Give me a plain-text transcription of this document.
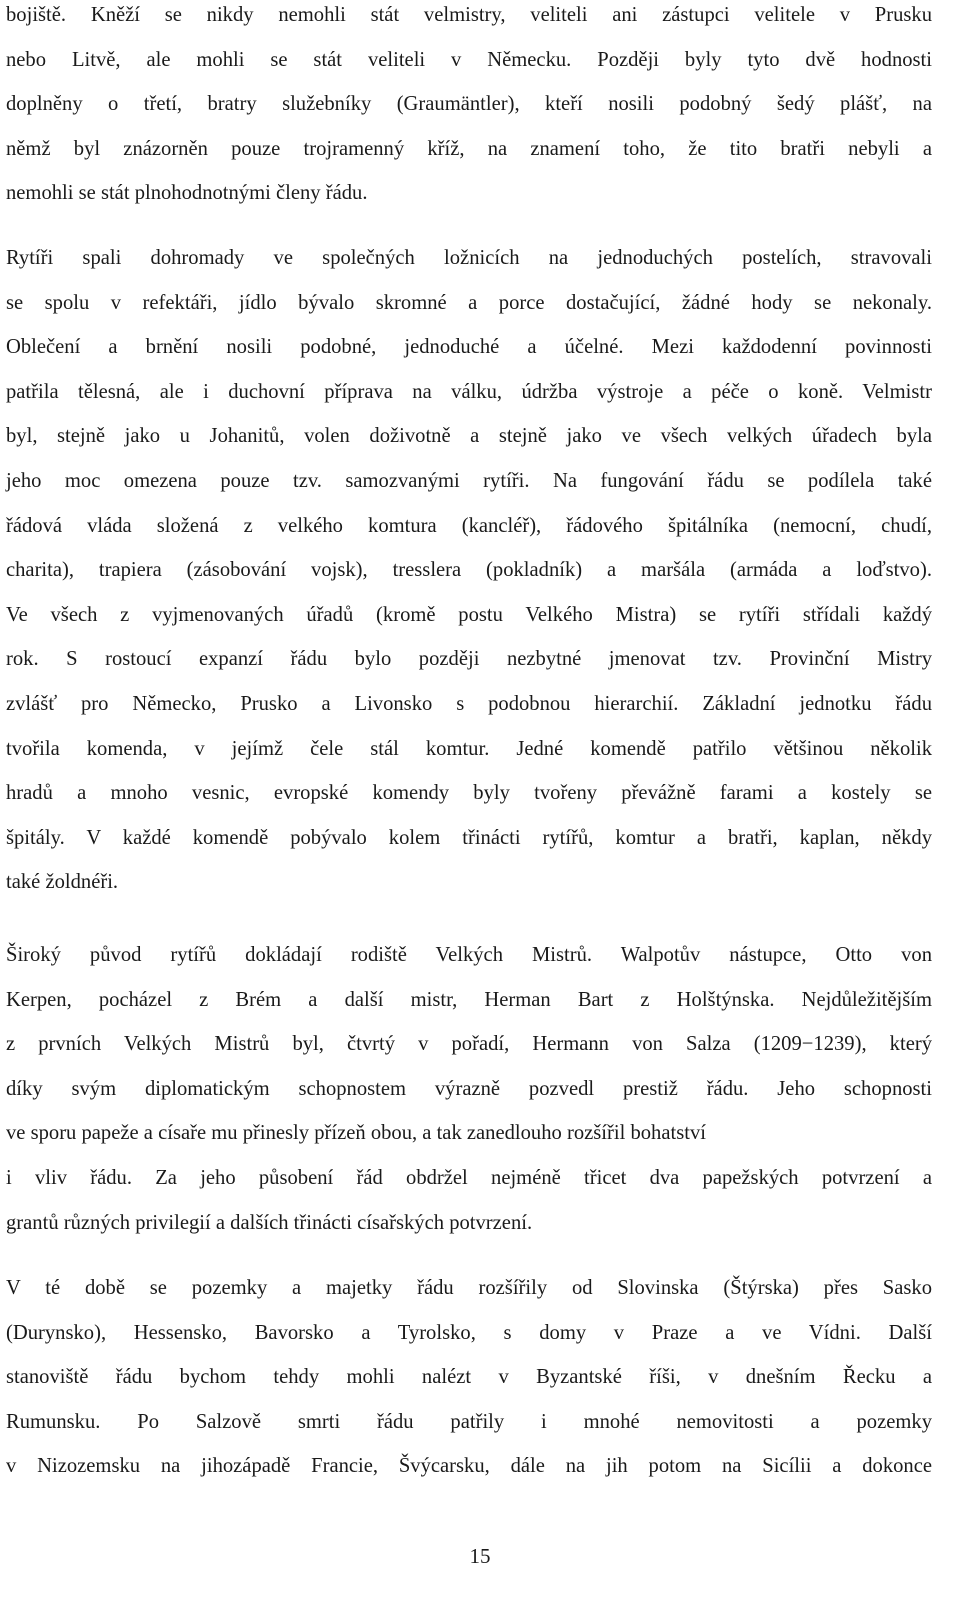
bojiště. Kněží se nikdy nemohli stát velmistry, veliteli ani zástupci velitele v Prusku
nebo Litvě, ale mohli se stát veliteli v Německu. Později byly tyto dvě hodnosti
doplněny o třetí, bratry služebníky (Graumäntler), kteří nosili podobný šedý plášť, na
němž byl znázorněn pouze trojramenný kříž, na znamení toho, že tito bratři nebyli a
nemohli se stát plnohodnotnými členy řádu.
Rytíři spali dohromady ve společných ložnicích na jednoduchých postelích, stravovali
se spolu v refektáři, jídlo bývalo skromné a porce dostačující, žádné hody se nekonaly.
Oblečení a brnění nosili podobné, jednoduché a účelné. Mezi každodenní povinnosti
patřila tělesná, ale i duchovní příprava na válku, údržba výstroje a péče o koně. Velmistr
byl, stejně jako u Johanitů, volen doživotně a stejně jako ve všech velkých úřadech byla
jeho moc omezena pouze tzv. samozvanými rytíři. Na fungování řádu se podílela také
řádová vláda složená z velkého komtura (kancléř), řádového špitálníka (nemocní, chudí,
charita), trapiera (zásobování vojsk), tresslera (pokladník) a maršála (armáda a loďstvo).
Ve všech z vyjmenovaných úřadů (kromě postu Velkého Mistra) se rytíři střídali každý
rok. S rostoucí expanzí řádu bylo později nezbytné jmenovat tzv. Provinční Mistry
zvlášť pro Německo, Prusko a Livonsko s podobnou hierarchií. Základní jednotku řádu
tvořila komenda, v jejímž čele stál komtur. Jedné komendě patřilo většinou několik
hradů a mnoho vesnic, evropské komendy byly tvořeny převážně farami a kostely se
špitály. V každé komendě pobývalo kolem třinácti rytířů, komtur a bratři, kaplan, někdy
také žoldnéři.
Široký původ rytířů dokládají rodiště Velkých Mistrů. Walpotův nástupce, Otto von
Kerpen, pocházel z Brém a další mistr, Herman Bart z Holštýnska. Nejdůležitějším
z prvních Velkých Mistrů byl, čtvrtý v pořadí, Hermann von Salza (1209−1239), který
díky svým diplomatickým schopnostem výrazně pozvedl prestiž řádu. Jeho schopnosti
ve sporu papeže a císaře mu přinesly přízeň obou, a tak zanedlouho rozšířil bohatství
i vliv řádu. Za jeho působení řád obdržel nejméně třicet dva papežských potvrzení a
grantů různých privilegií a dalších třinácti císařských potvrzení.
V té době se pozemky a majetky řádu rozšířily od Slovinska (Štýrska) přes Sasko
(Durynsko), Hessensko, Bavorsko a Tyrolsko, s domy v Praze a ve Vídni. Další
stanoviště řádu bychom tehdy mohli nalézt v Byzantské říši, v dnešním Řecku a
Rumunsku. Po Salzově smrti řádu patřily i mnohé nemovitosti a pozemky
v Nizozemsku na jihozápadě Francie, Švýcarsku, dále na jih potom na Sicílii a dokonce
15
